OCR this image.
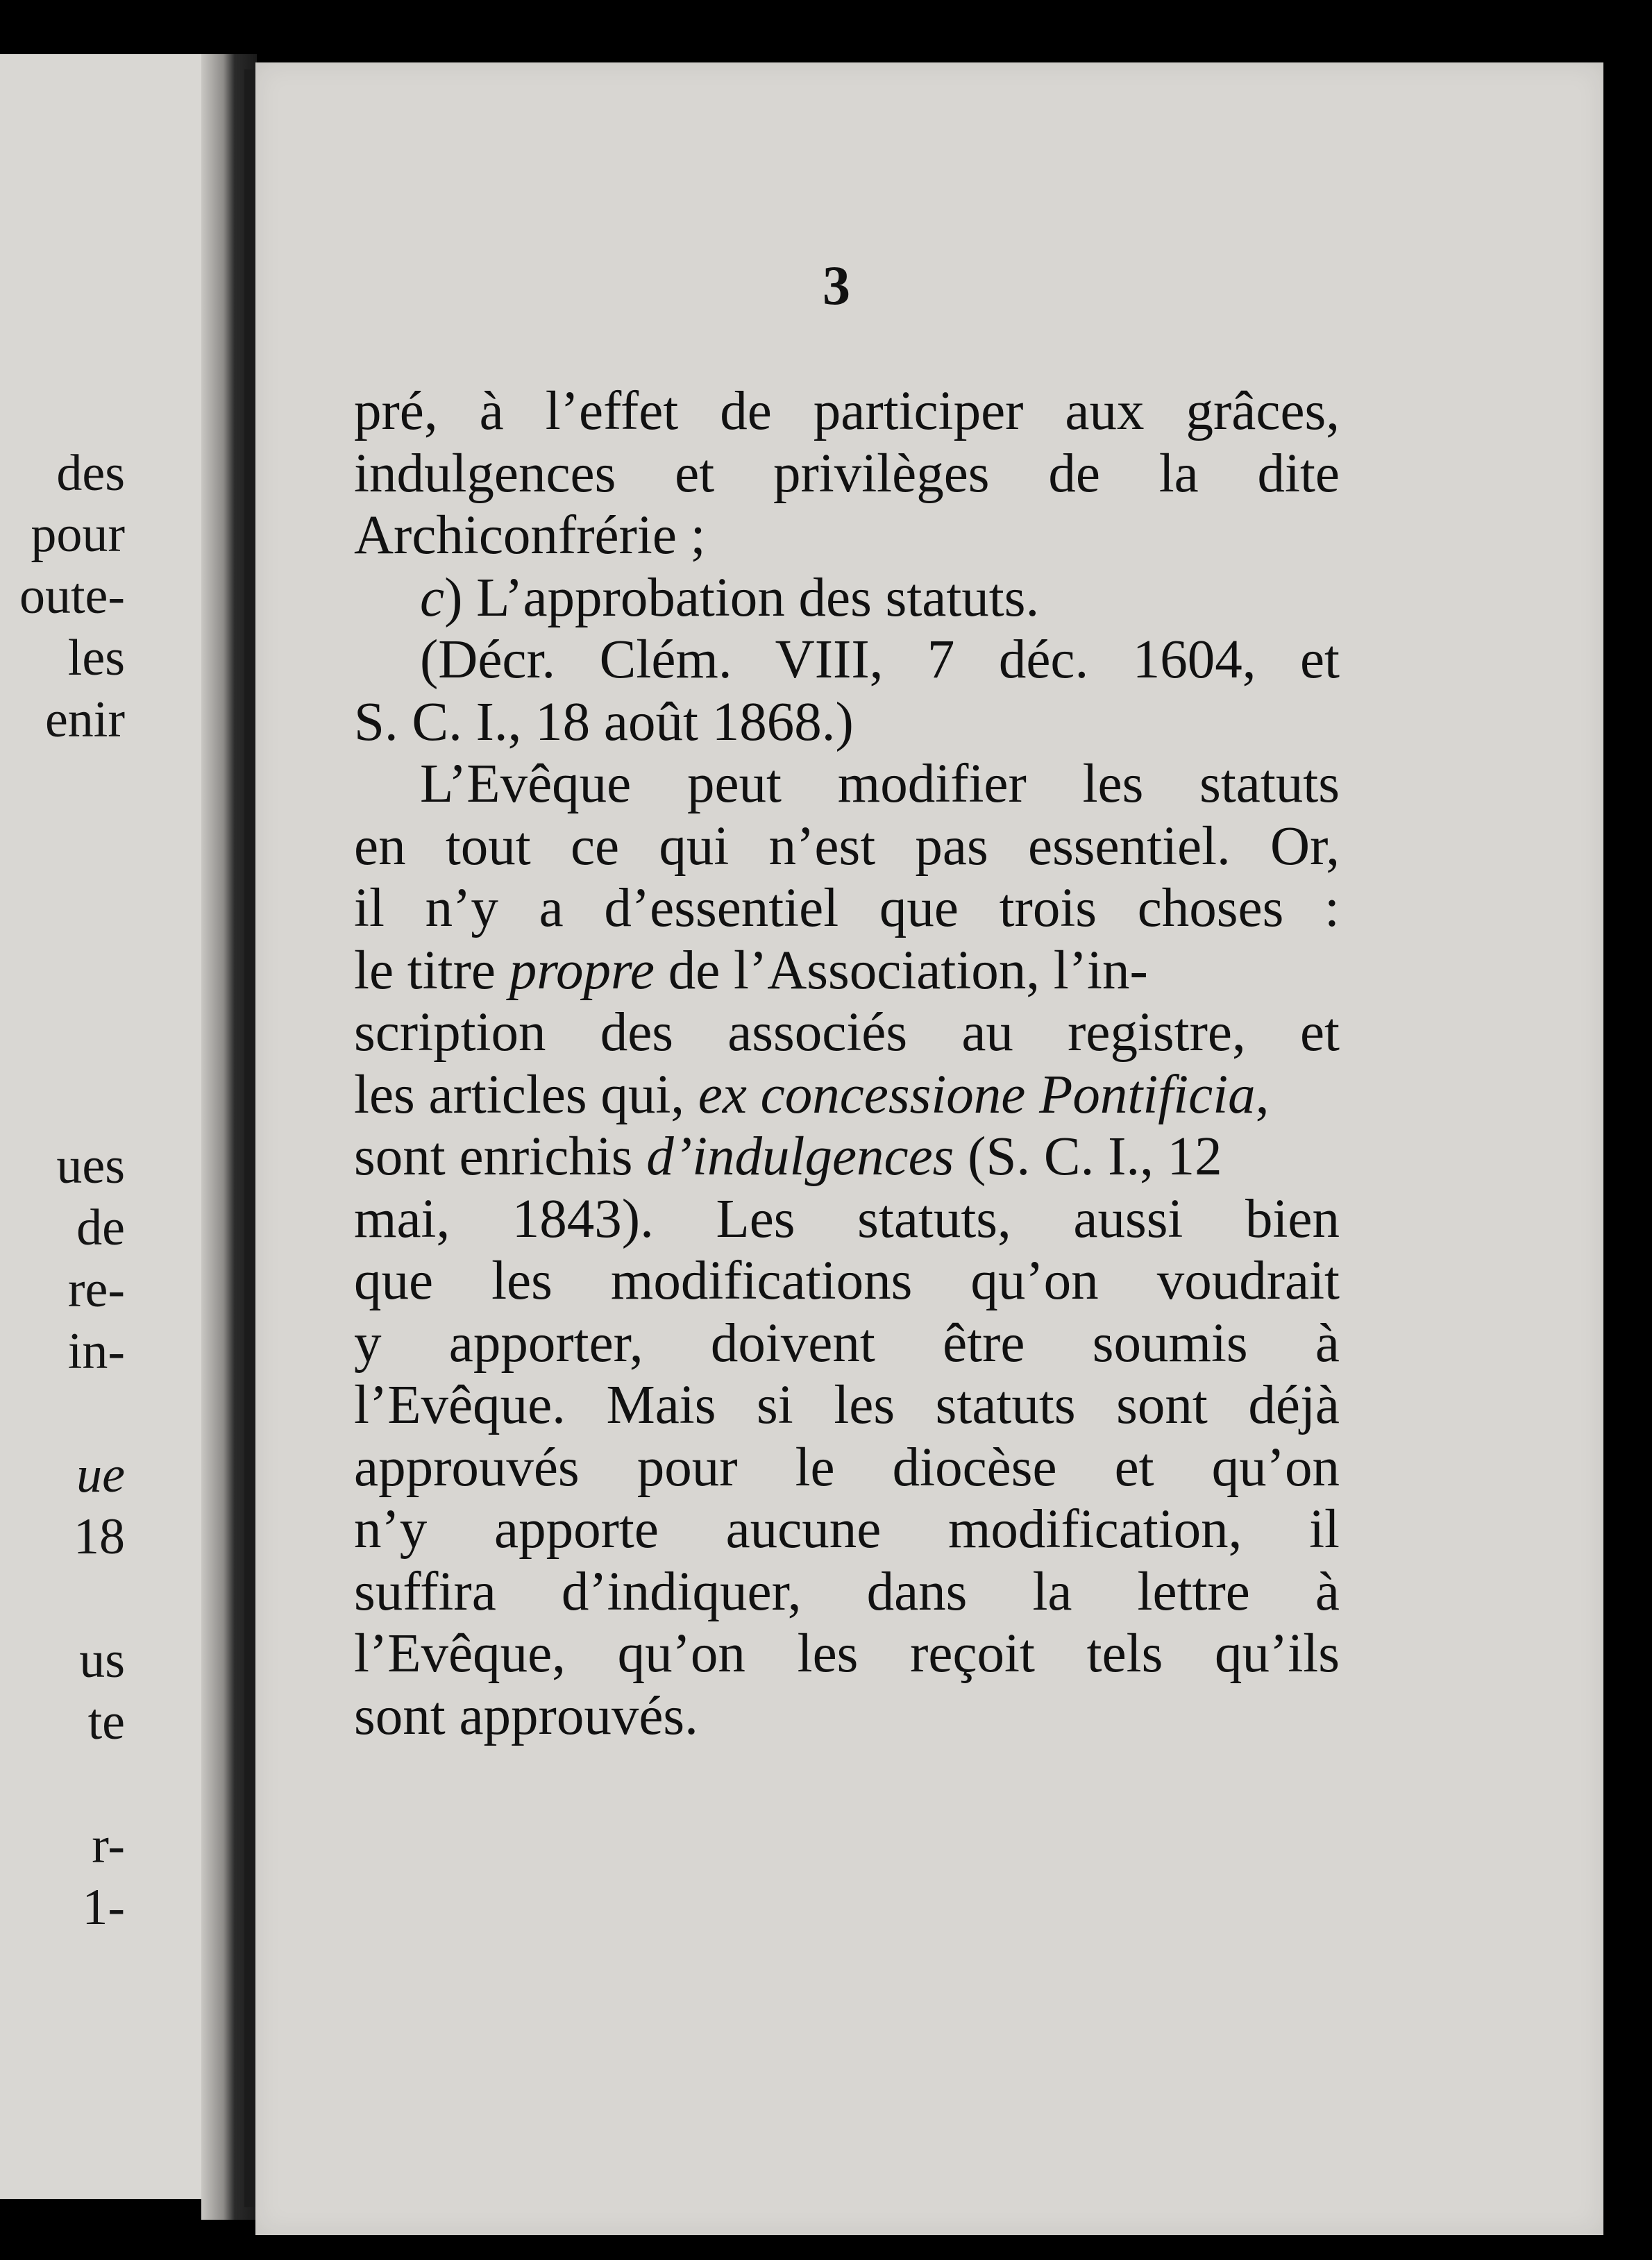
des
pour
oute-
les
enir
ues
de
re-
in-
ue
18
us
te
r-
1-
3
pré, à l’effet de participer aux grâces,
indulgences et privilèges de la dite
Archiconfrérie ;
c) L’approbation des statuts.
(Décr. Clém. VIII, 7 déc. 1604, et
S. C. I., 18 août 1868.)
L’Evêque peut modifier les statuts
en tout ce qui n’est pas essentiel. Or,
il n’y a d’essentiel que trois choses :
le titre propre de l’Association, l’in-
scription des associés au registre, et
les articles qui, ex concessione Pontificia,
sont enrichis d’indulgences (S. C. I., 12
mai, 1843). Les statuts, aussi bien
que les modifications qu’on voudrait
y apporter, doivent être soumis à
l’Evêque. Mais si les statuts sont déjà
approuvés pour le diocèse et qu’on
n’y apporte aucune modification, il
suffira d’indiquer, dans la lettre à
l’Evêque, qu’on les reçoit tels qu’ils
sont approuvés.
